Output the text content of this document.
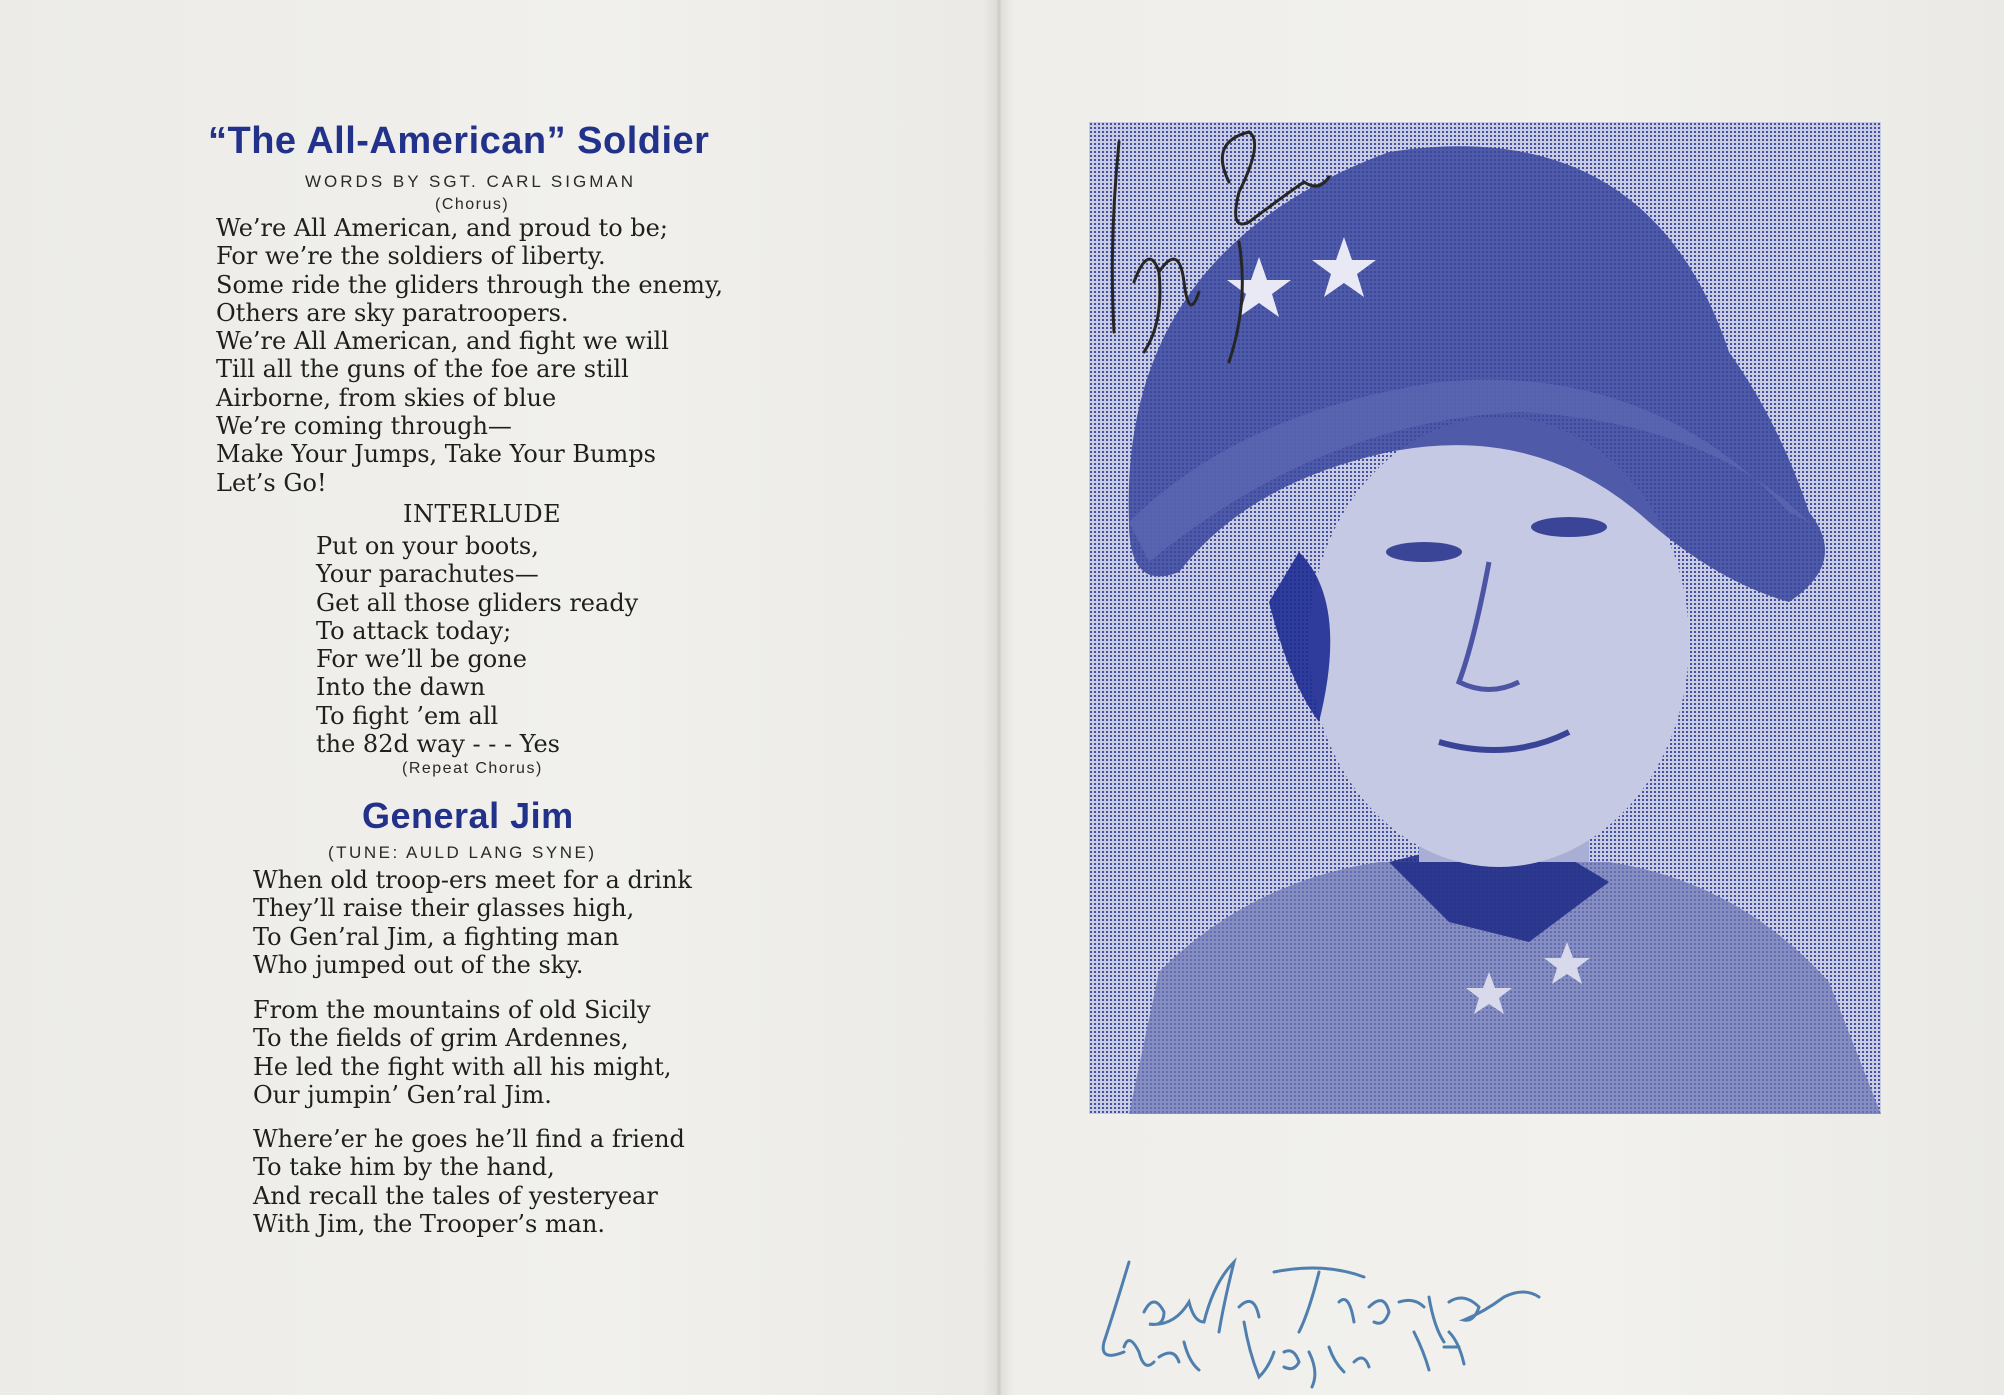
“The All-American” Soldier
WORDS BY SGT. CARL SIGMAN
(Chorus)
We’re All American, and proud to be;
For we’re the soldiers of liberty.
Some ride the gliders through the enemy,
Others are sky paratroopers.
We’re All American, and fight we will
Till all the guns of the foe are still
Airborne, from skies of blue
We’re coming through—
Make Your Jumps, Take Your Bumps
Let’s Go!
INTERLUDE
Put on your boots,
Your parachutes—
Get all those gliders ready
To attack today;
For we’ll be gone
Into the dawn
To fight ’em all
the 82d way - - - Yes
(Repeat Chorus)
General Jim
(TUNE: AULD LANG SYNE)
When old troop-ers meet for a drink
They’ll raise their glasses high,
To Gen’ral Jim, a fighting man
Who jumped out of the sky.
From the mountains of old Sicily
To the fields of grim Ardennes,
He led the fight with all his might,
Our jumpin’ Gen’ral Jim.
Where’er he goes he’ll find a friend
To take him by the hand,
And recall the tales of yesteryear
With Jim, the Trooper’s man.
